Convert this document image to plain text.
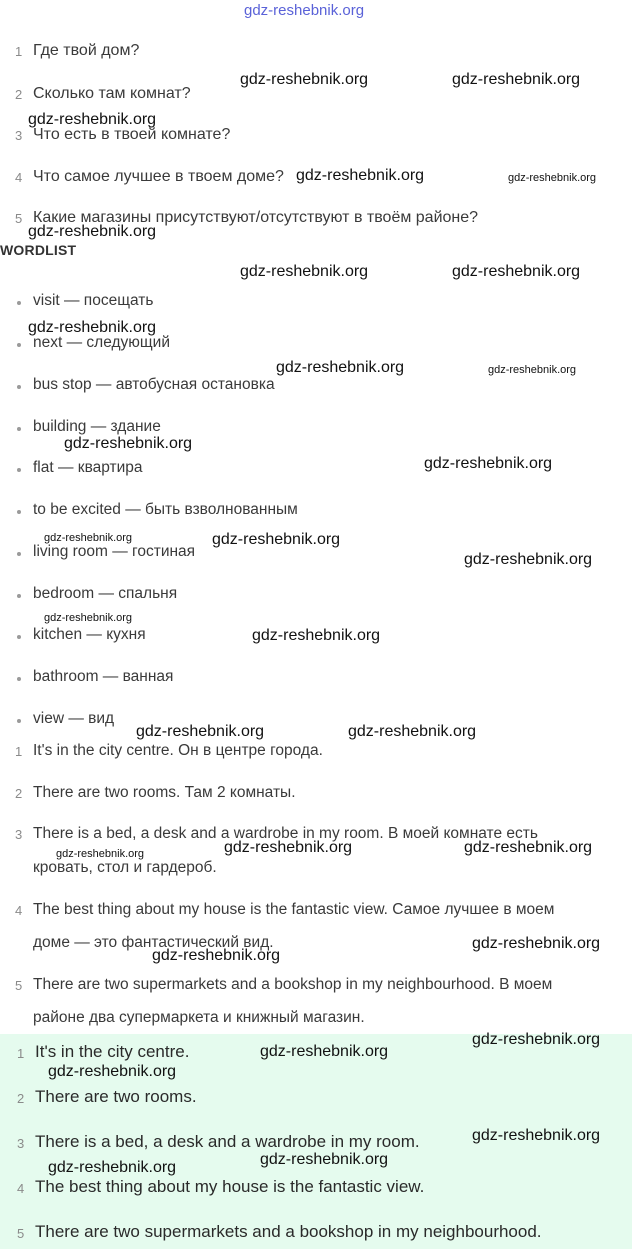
gdz-reshebnik.org
1 Где твой дом?
2 Сколько там комнат?
3 Что есть в твоей комнате?
4 Что самое лучшее в твоем доме?
5 Какие магазины присутствуют/отсутствуют в твоём районе?
WORDLIST
visit — посещать
next — следующий
bus stop — автобусная остановка
building — здание
flat — квартира
to be excited — быть взволнованным
living room — гостиная
bedroom — спальня
kitchen — кухня
bathroom — ванная
view — вид
1 It's in the city centre. Он в центре города.
2 There are two rooms. Там 2 комнаты.
3 There is a bed, a desk and a wardrobe in my room. В моей комнате есть
кровать, стол и гардероб.
4 The best thing about my house is the fantastic view. Самое лучшее в моем
доме — это фантастический вид.
5 There are two supermarkets and a bookshop in my neighbourhood. В моем
районе два супермаркета и книжный магазин.
1 It's in the city centre.
2 There are two rooms.
3 There is a bed, a desk and a wardrobe in my room.
4 The best thing about my house is the fantastic view.
5 There are two supermarkets and a bookshop in my neighbourhood.
gdz-reshebnik.org	gdz-reshebnik.org
gdz-reshebnik.org
gdz-reshebnik.org	gdz-reshebnik.org
gdz-reshebnik.org
gdz-reshebnik.org	gdz-reshebnik.org
gdz-reshebnik.org
gdz-reshebnik.org	gdz-reshebnik.org
gdz-reshebnik.org
gdz-reshebnik.org
gdz-reshebnik.org	gdz-reshebnik.org
gdz-reshebnik.org
gdz-reshebnik.org
gdz-reshebnik.org
gdz-reshebnik.org	gdz-reshebnik.org
gdz-reshebnik.org	gdz-reshebnik.org	gdz-reshebnik.org
gdz-reshebnik.org
gdz-reshebnik.org
gdz-reshebnik.org
gdz-reshebnik.org
gdz-reshebnik.org
gdz-reshebnik.org
gdz-reshebnik.org
gdz-reshebnik.org
